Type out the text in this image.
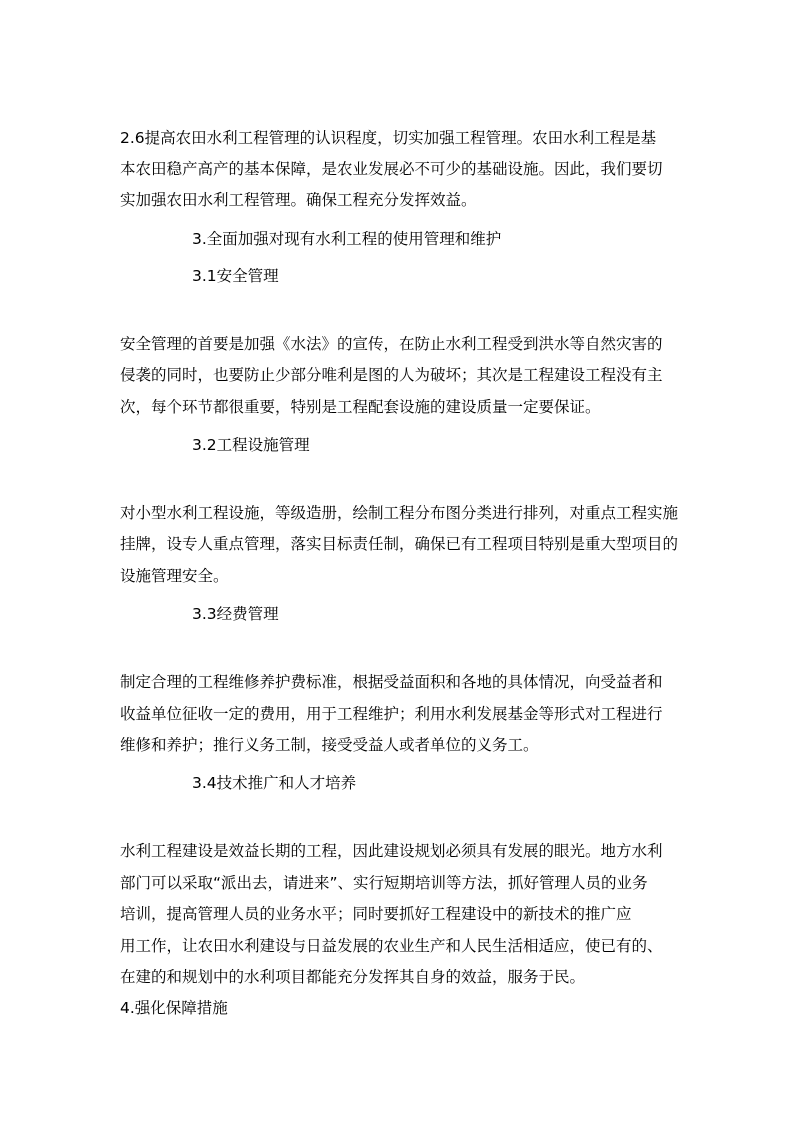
2.6提高农田水利工程管理的认识程度，切实加强工程管理。农田水利工程是基

本农田稳产高产的基本保障，是农业发展必不可少的基础设施。因此，我们要切

实加强农田水利工程管理。确保工程充分发挥效益。

3.全面加强对现有水利工程的使用管理和维护

3.1安全管理

安全管理的首要是加强《水法》的宣传，在防止水利工程受到洪水等自然灾害的

侵袭的同时，也要防止少部分唯利是图的人为破坏；其次是工程建设工程没有主

次，每个环节都很重要，特别是工程配套设施的建设质量一定要保证。

3.2工程设施管理

对小型水利工程设施，等级造册，绘制工程分布图分类进行排列，对重点工程实施

挂牌，设专人重点管理，落实目标责任制，确保已有工程项目特别是重大型项目的

设施管理安全。

3.3经费管理

制定合理的工程维修养护费标准，根据受益面积和各地的具体情况，向受益者和

收益单位征收一定的费用，用于工程维护；利用水利发展基金等形式对工程进行

维修和养护；推行义务工制，接受受益人或者单位的义务工。

3.4技术推广和人才培养

水利工程建设是效益长期的工程，因此建设规划必须具有发展的眼光。地方水利

部门可以采取“派出去，请进来”、实行短期培训等方法，抓好管理人员的业务

培训，提高管理人员的业务水平；同时要抓好工程建设中的新技术的推广应

用工作，让农田水利建设与日益发展的农业生产和人民生活相适应，使已有的、

在建的和规划中的水利项目都能充分发挥其自身的效益，服务于民。

4.强化保障措施
